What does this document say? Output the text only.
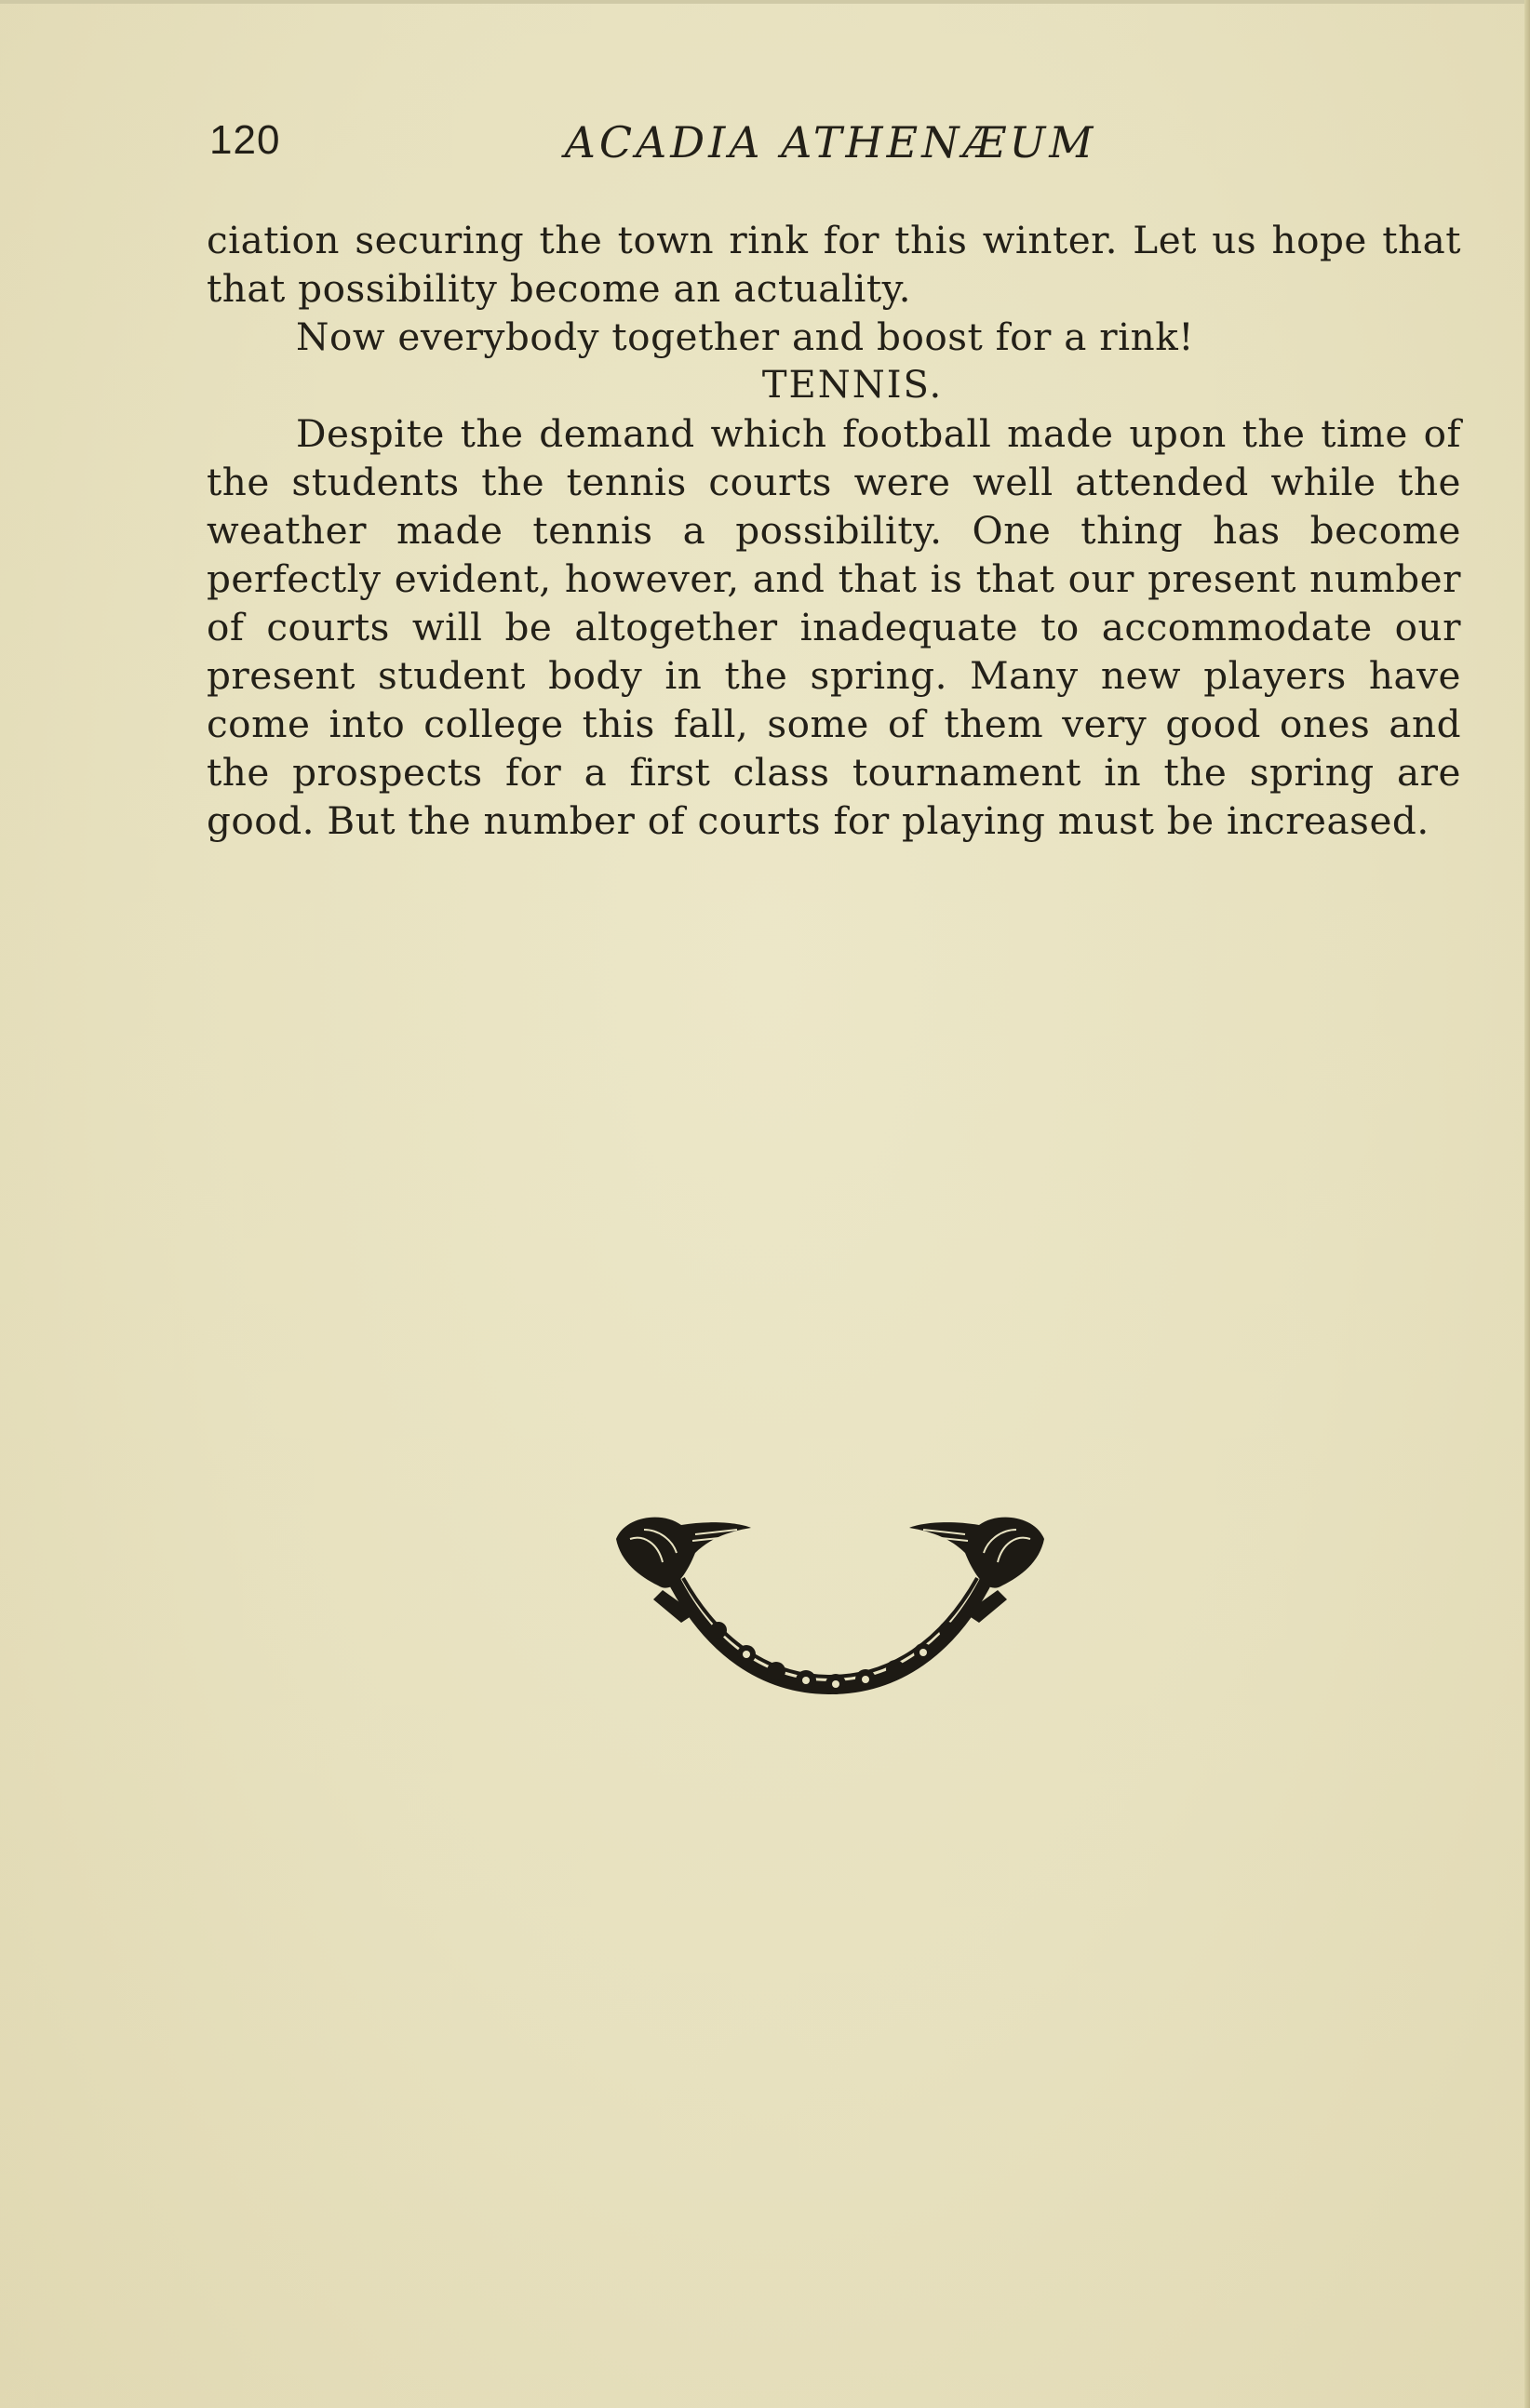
120	ACADIA ATHENÆUM

ciation securing the town rink for this winter. Let us hope that that possibility become an actuality.

Now everybody together and boost for a rink!

TENNIS.

Despite the demand which football made upon the time of the students the tennis courts were well attended while the weather made tennis a possibility. One thing has become perfectly evident, however, and that is that our present number of courts will be altogether inadequate to accommodate our present student body in the spring. Many new players have come into college this fall, some of them very good ones and the prospects for a first class tournament in the spring are good. But the number of courts for playing must be increased.
